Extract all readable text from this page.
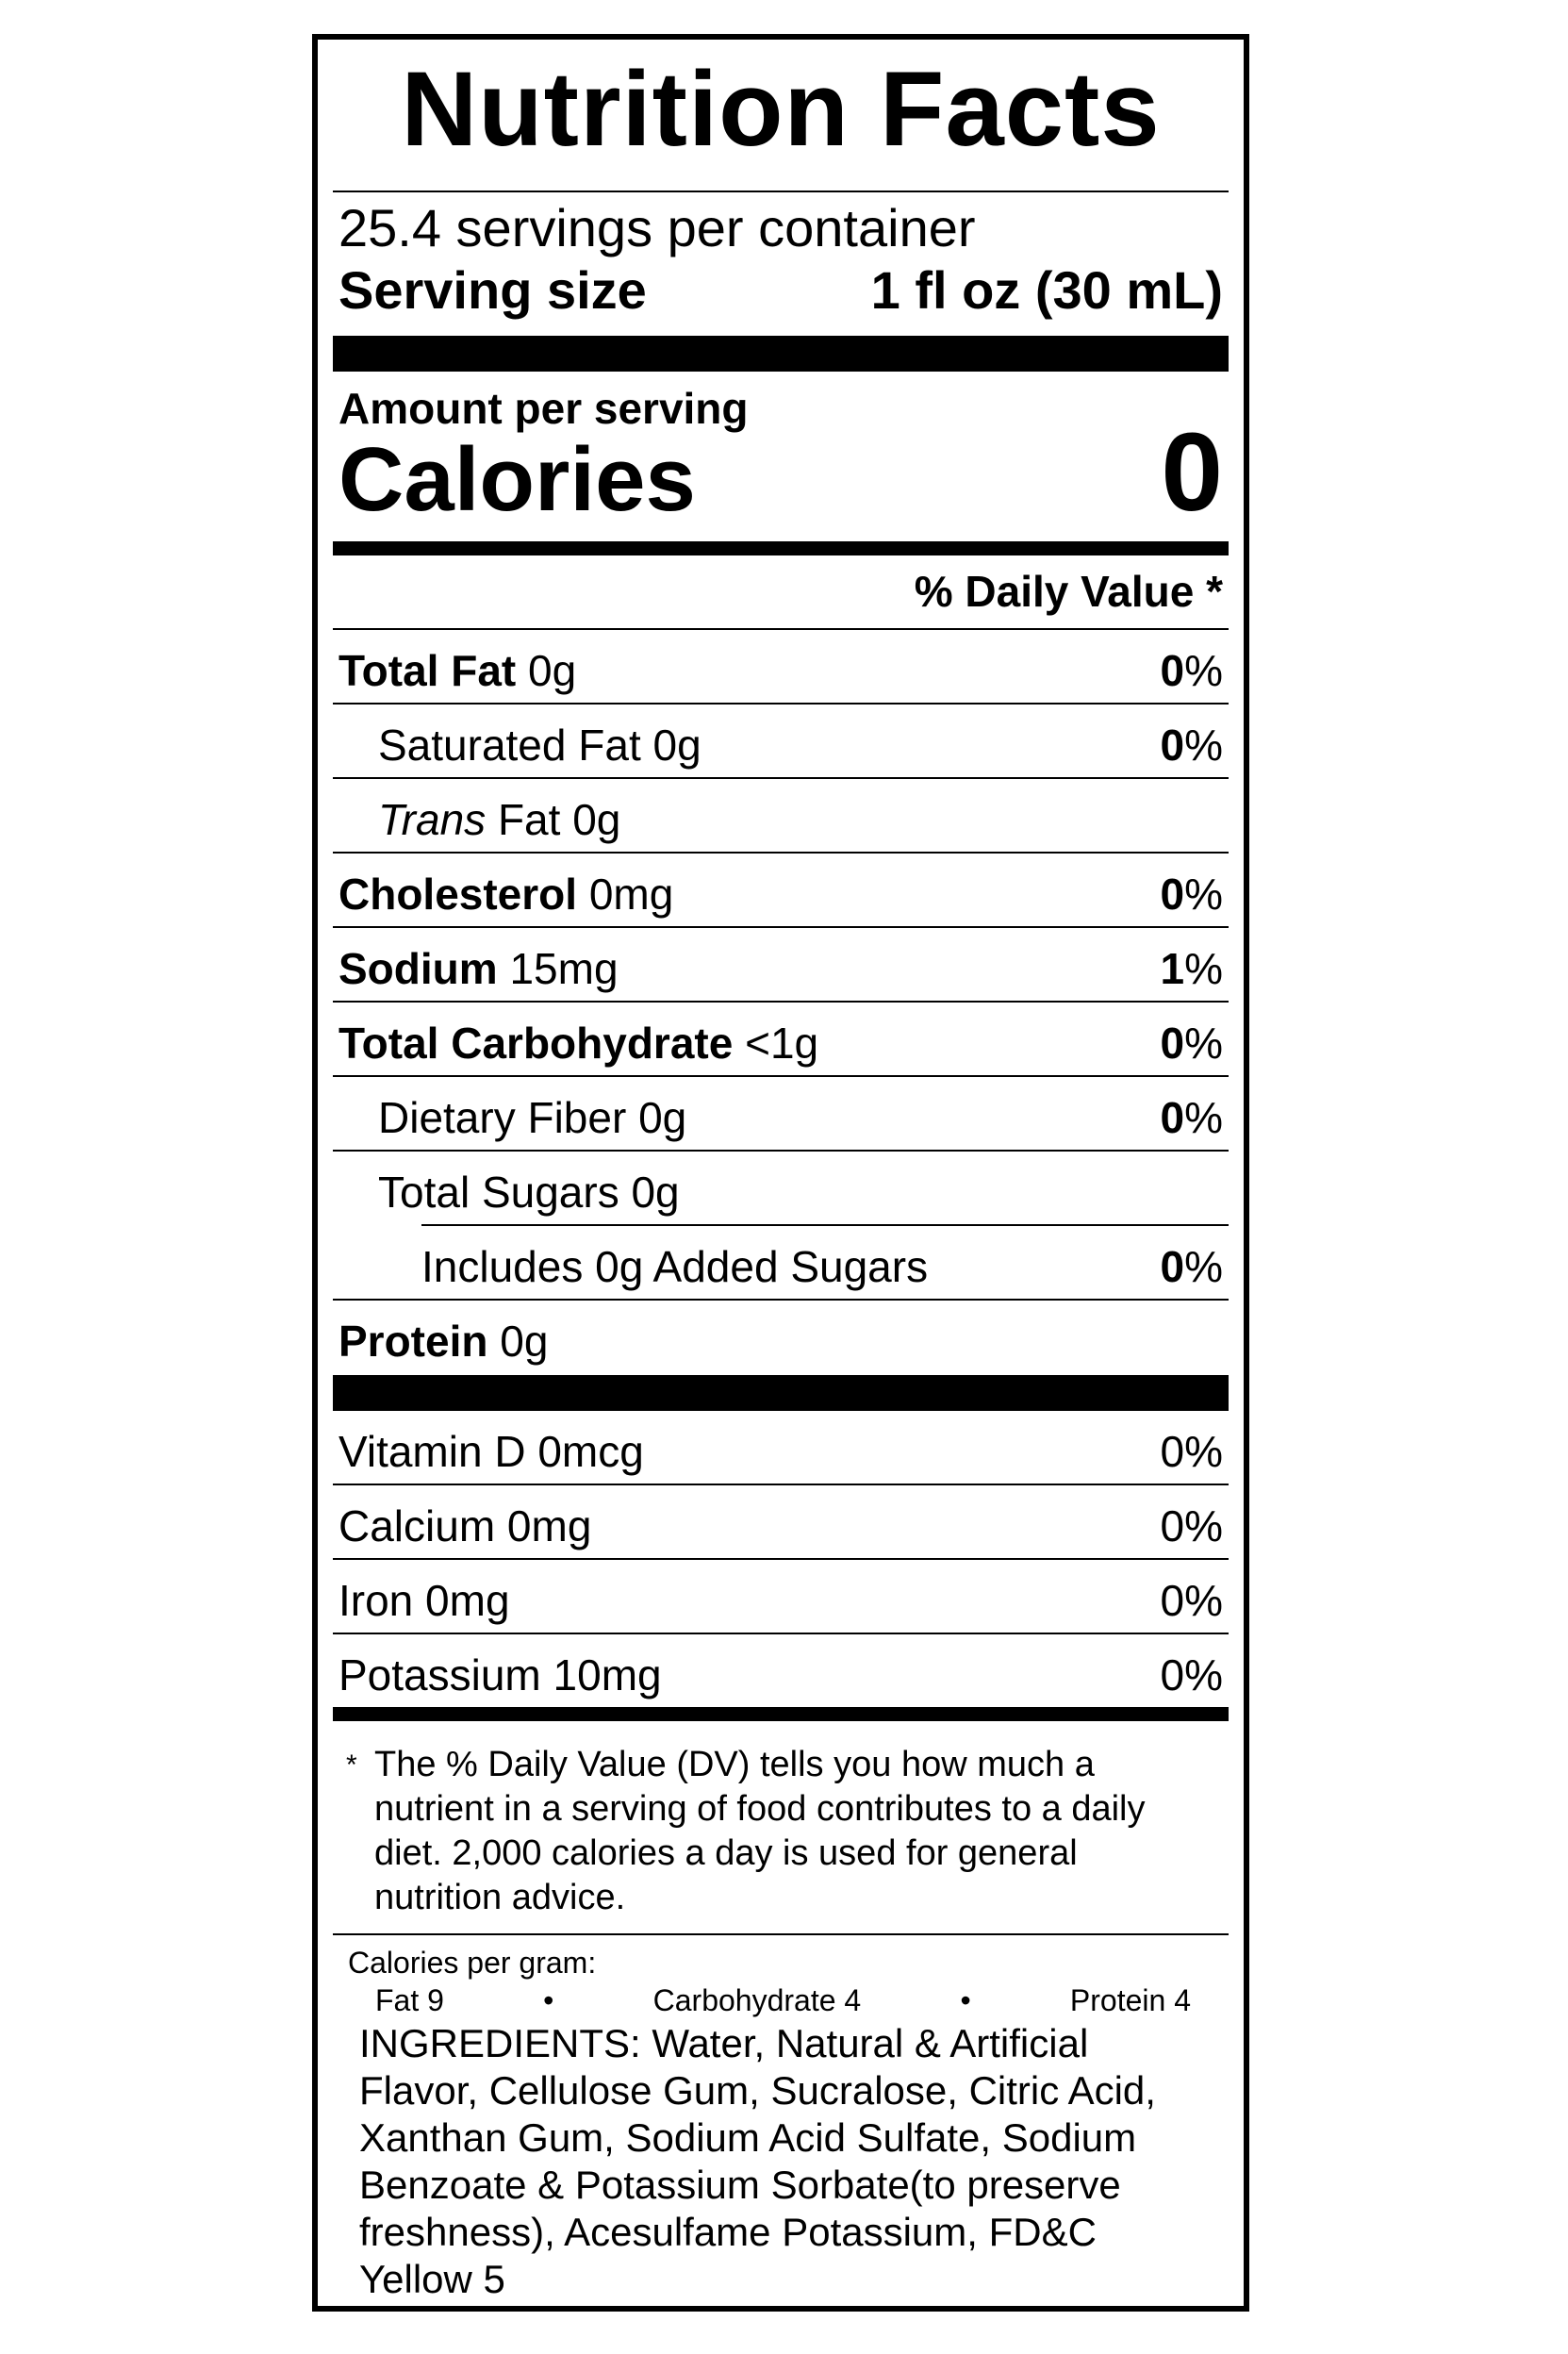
Nutrition Facts
25.4 servings per container
Serving size	1 fl oz (30 mL)
Amount per serving
Calories	0
% Daily Value *
Total Fat 0g	0%
Saturated Fat 0g	0%
Trans Fat 0g
Cholesterol 0mg	0%
Sodium 15mg	1%
Total Carbohydrate <1g	0%
Dietary Fiber 0g	0%
Total Sugars 0g
Includes 0g Added Sugars	0%
Protein 0g
Vitamin D 0mcg	0%
Calcium 0mg	0%
Iron 0mg	0%
Potassium 10mg	0%
* The % Daily Value (DV) tells you how much a nutrient in a serving of food contributes to a daily diet. 2,000 calories a day is used for general nutrition advice.
Calories per gram:
Fat 9	•	Carbohydrate 4	•	Protein 4
INGREDIENTS: Water, Natural & Artificial Flavor, Cellulose Gum, Sucralose, Citric Acid, Xanthan Gum, Sodium Acid Sulfate, Sodium Benzoate & Potassium Sorbate(to preserve freshness), Acesulfame Potassium, FD&C Yellow 5
